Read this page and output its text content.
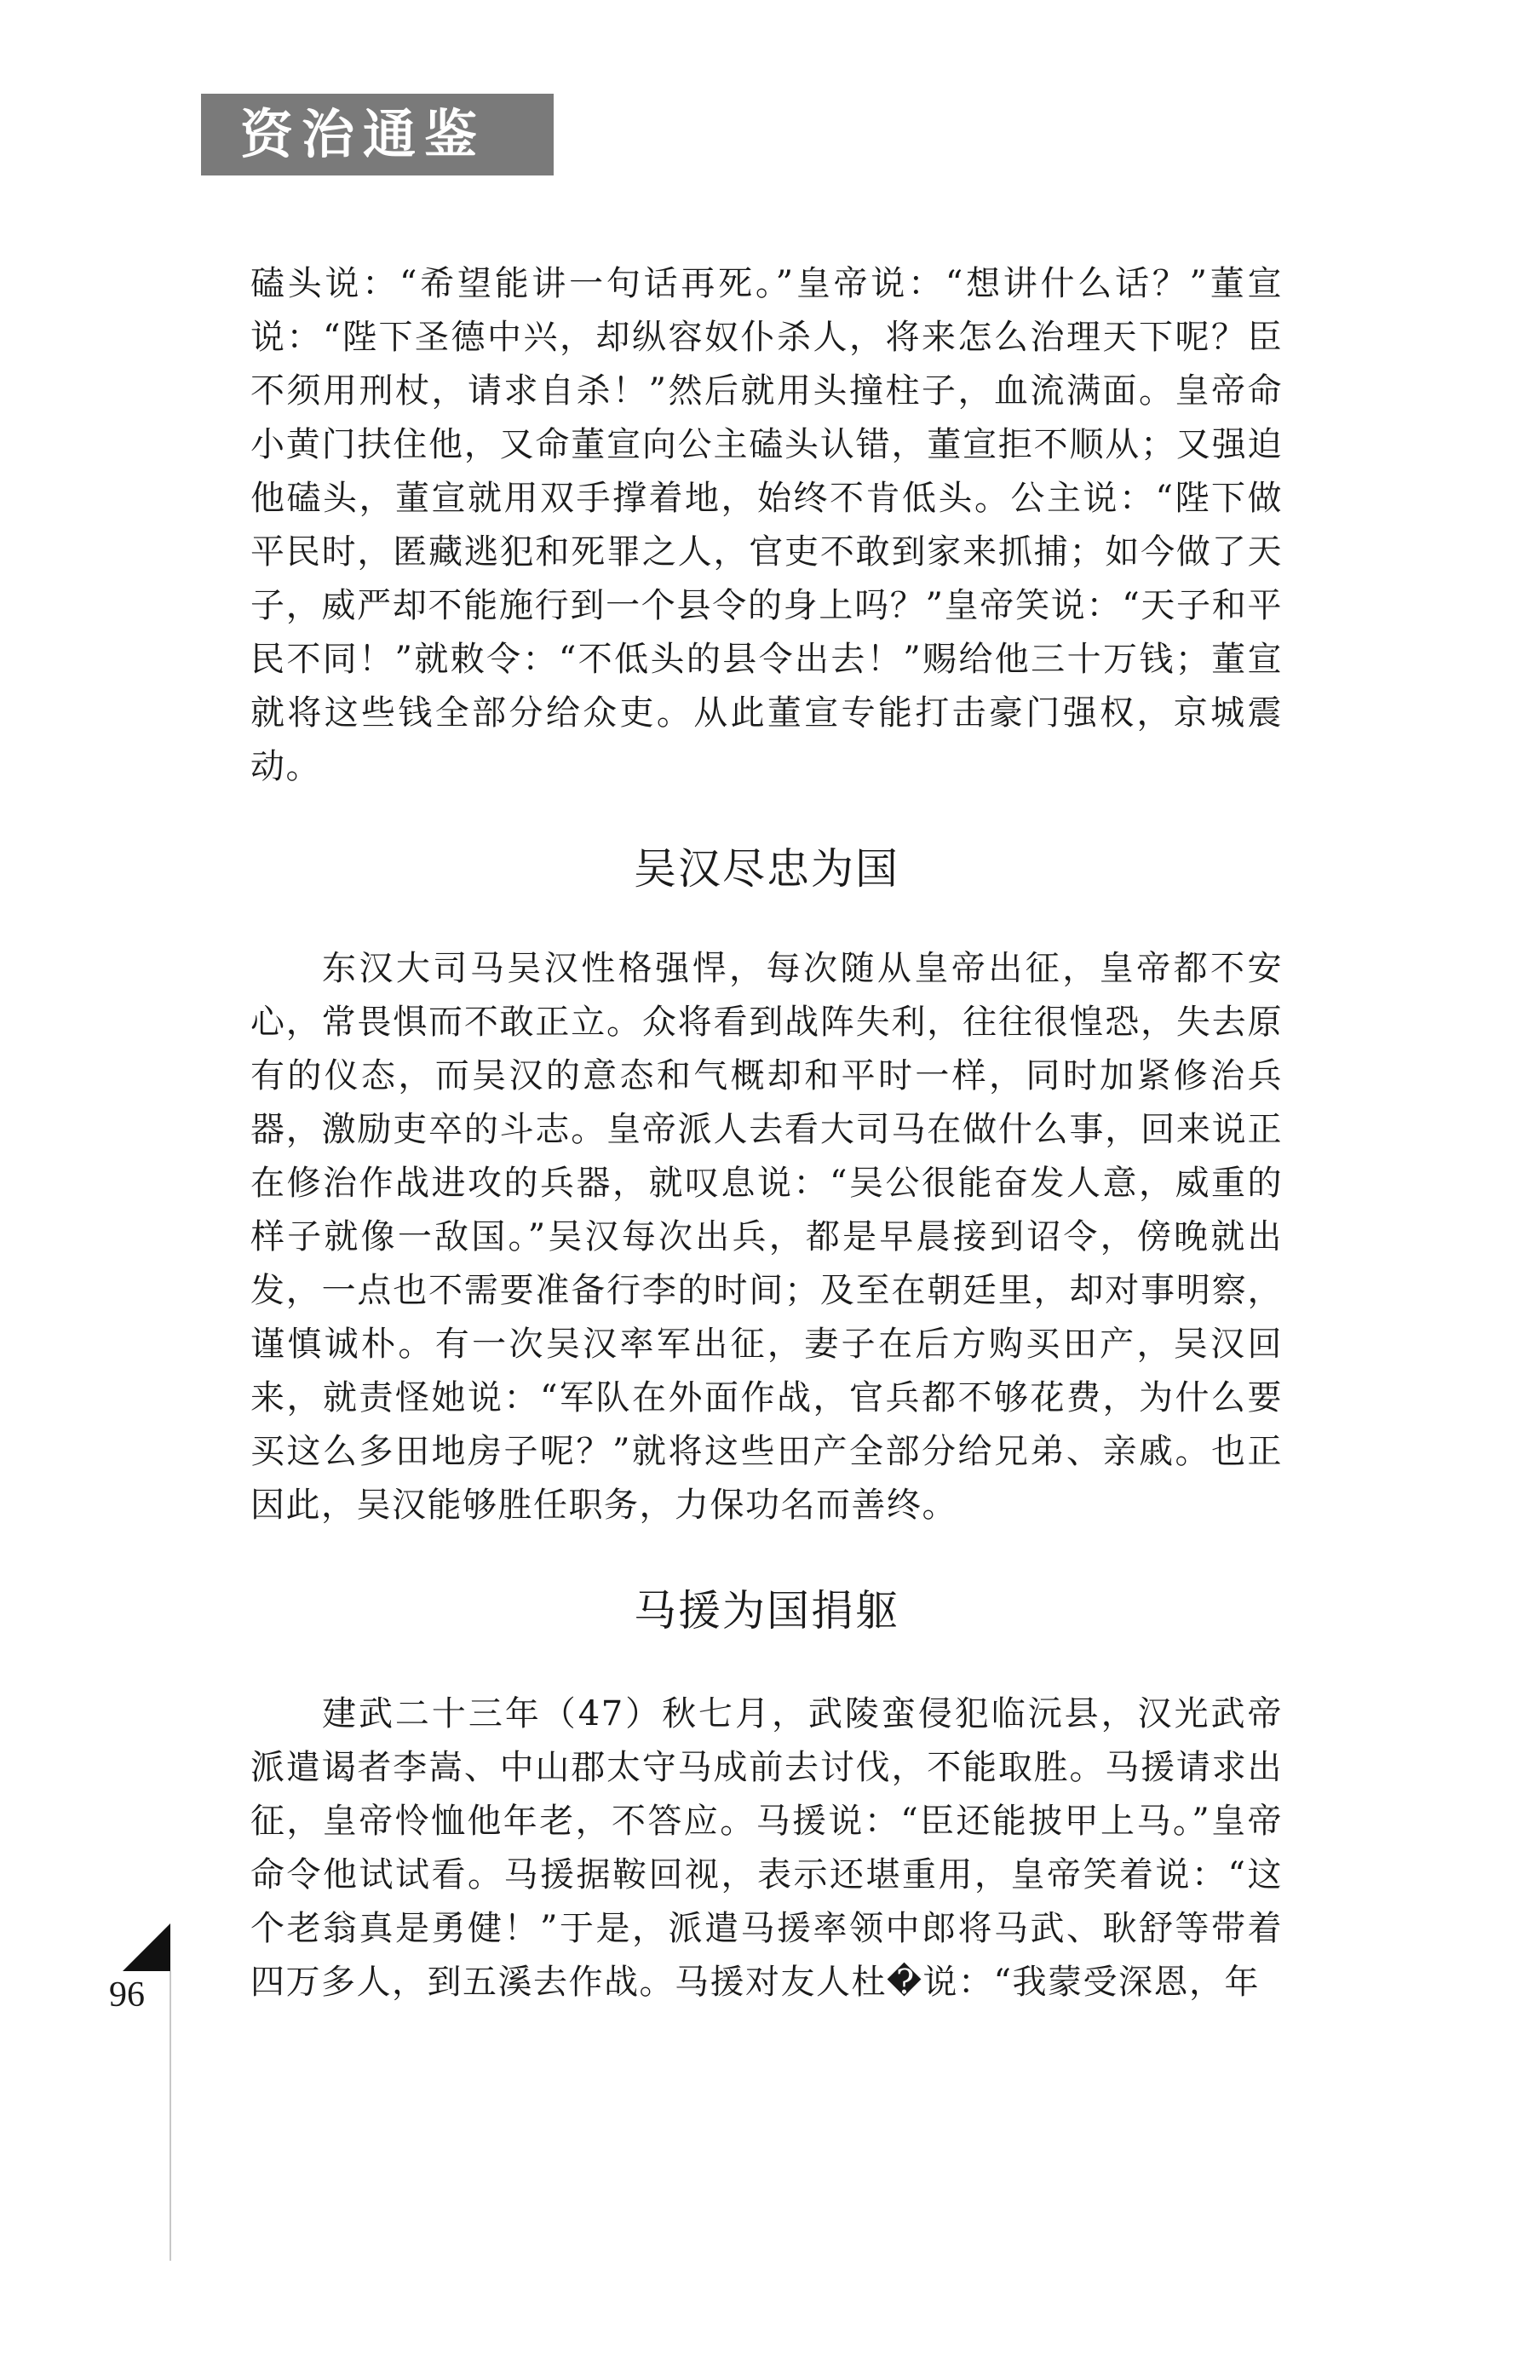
资治通鉴

磕头说：“希望能讲一句话再死。”皇帝说：“想讲什么话？”董宣说：“陛下圣德中兴，却纵容奴仆杀人，将来怎么治理天下呢？臣不须用刑杖，请求自杀！”然后就用头撞柱子，血流满面。皇帝命小黄门扶住他，又命董宣向公主磕头认错，董宣拒不顺从；又强迫他磕头，董宣就用双手撑着地，始终不肯低头。公主说：“陛下做平民时，匿藏逃犯和死罪之人，官吏不敢到家来抓捕；如今做了天子，威严却不能施行到一个县令的身上吗？”皇帝笑说：“天子和平民不同！”就敕令：“不低头的县令出去！”赐给他三十万钱；董宣就将这些钱全部分给众吏。从此董宣专能打击豪门强权，京城震动。

吴汉尽忠为国

东汉大司马吴汉性格强悍，每次随从皇帝出征，皇帝都不安心，常畏惧而不敢正立。众将看到战阵失利，往往很惶恐，失去原有的仪态，而吴汉的意态和气概却和平时一样，同时加紧修治兵器，激励吏卒的斗志。皇帝派人去看大司马在做什么事，回来说正在修治作战进攻的兵器，就叹息说：“吴公很能奋发人意，威重的样子就像一敌国。”吴汉每次出兵，都是早晨接到诏令，傍晚就出发，一点也不需要准备行李的时间；及至在朝廷里，却对事明察，谨慎诚朴。有一次吴汉率军出征，妻子在后方购买田产，吴汉回来，就责怪她说：“军队在外面作战，官兵都不够花费，为什么要买这么多田地房子呢？”就将这些田产全部分给兄弟、亲戚。也正因此，吴汉能够胜任职务，力保功名而善终。

马援为国捐躯

建武二十三年（47）秋七月，武陵蛮侵犯临沅县，汉光武帝派遣谒者李嵩、中山郡太守马成前去讨伐，不能取胜。马援请求出征，皇帝怜恤他年老，不答应。马援说：“臣还能披甲上马。”皇帝命令他试试看。马援据鞍回视，表示还堪重用，皇帝笑着说：“这个老翁真是勇健！”于是，派遣马援率领中郎将马武、耿舒等带着四万多人，到五溪去作战。马援对友人杜�说：“我蒙受深恩，年

96
